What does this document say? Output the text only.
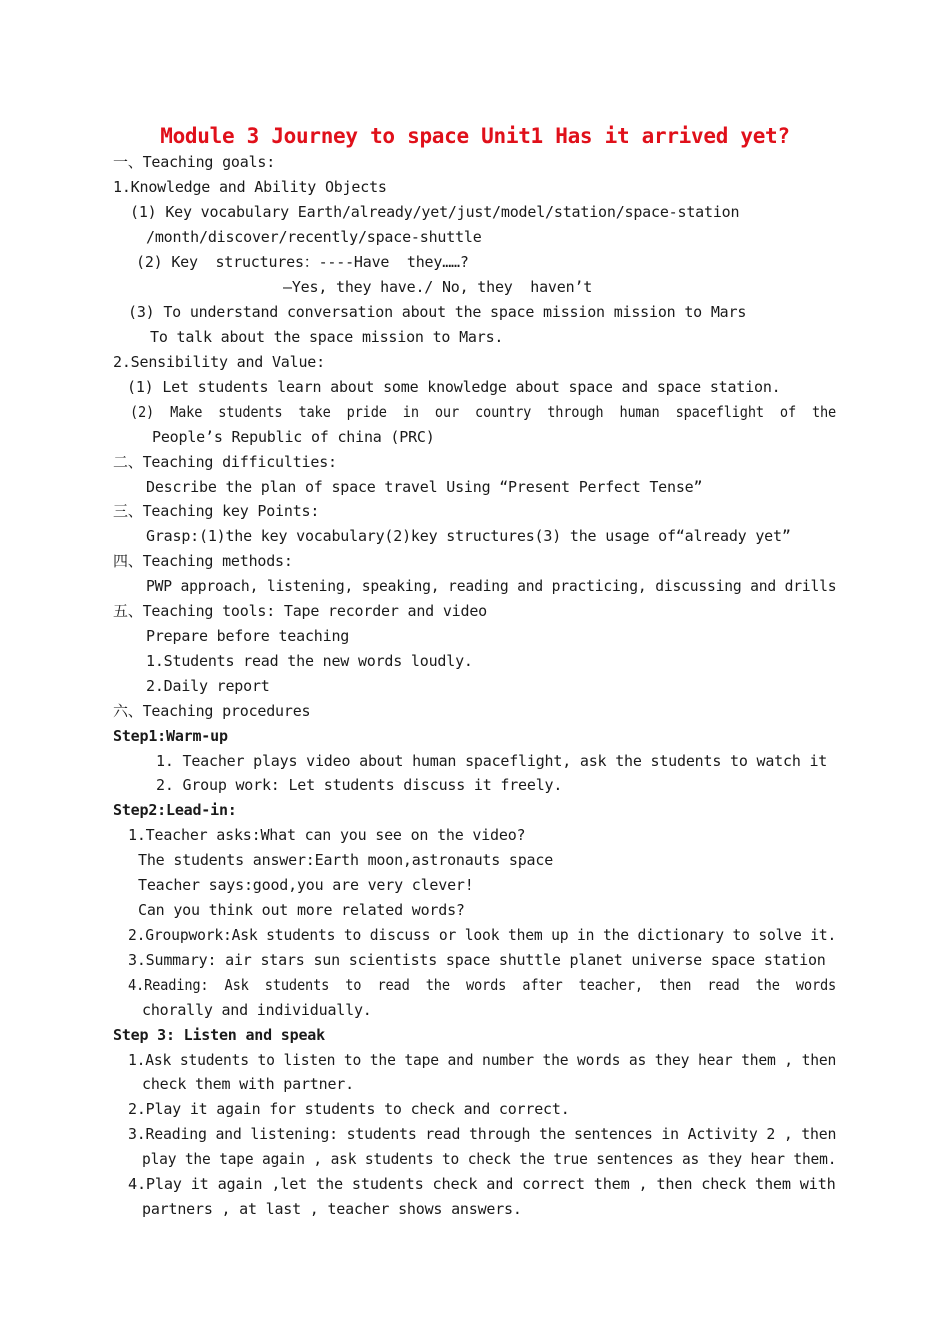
Module 3 Journey to space Unit1 Has it arrived yet?
一、Teaching goals:
1.Knowledge and Ability Objects
(1) Key vocabulary Earth/already/yet/just/model/station/space-station
/month/discover/recently/space-shuttle
(2) Key  structures：----Have  they……?
—Yes, they have./ No, they  haven’t
(3) To understand conversation about the space mission mission to Mars
To talk about the space mission to Mars.
2.Sensibility and Value:
(1) Let students learn about some knowledge about space and space station.
(2)  Make  students  take  pride  in  our  country  through  human  spaceflight  of  the
People’s Republic of china (PRC)
二、Teaching difficulties:
Describe the plan of space travel Using “Present Perfect Tense”
三、Teaching key Points:
Grasp:(1)the key vocabulary(2)key structures(3) the usage of“already yet”
四、Teaching methods:
PWP approach, listening, speaking, reading and practicing, discussing and drills
五、Teaching tools: Tape recorder and video
Prepare before teaching
1.Students read the new words loudly.
2.Daily report
六、Teaching procedures
Step1:Warm-up
1. Teacher plays video about human spaceflight, ask the students to watch it
2. Group work: Let students discuss it freely.
Step2:Lead-in:
1.Teacher asks:What can you see on the video?
The students answer:Earth moon,astronauts space
Teacher says:good,you are very clever!
Can you think out more related words?
2.Groupwork:Ask students to discuss or look them up in the dictionary to solve it.
3.Summary: air stars sun scientists space shuttle planet universe space station
4.Reading:  Ask  students  to  read  the  words  after  teacher,  then  read  the  words
chorally and individually.
Step 3: Listen and speak
1.Ask students to listen to the tape and number the words as they hear them , then
check them with partner.
2.Play it again for students to check and correct.
3.Reading and listening: students read through the sentences in Activity 2 , then
play the tape again , ask students to check the true sentences as they hear them.
4.Play it again ,let the students check and correct them , then check them with
partners , at last , teacher shows answers.
